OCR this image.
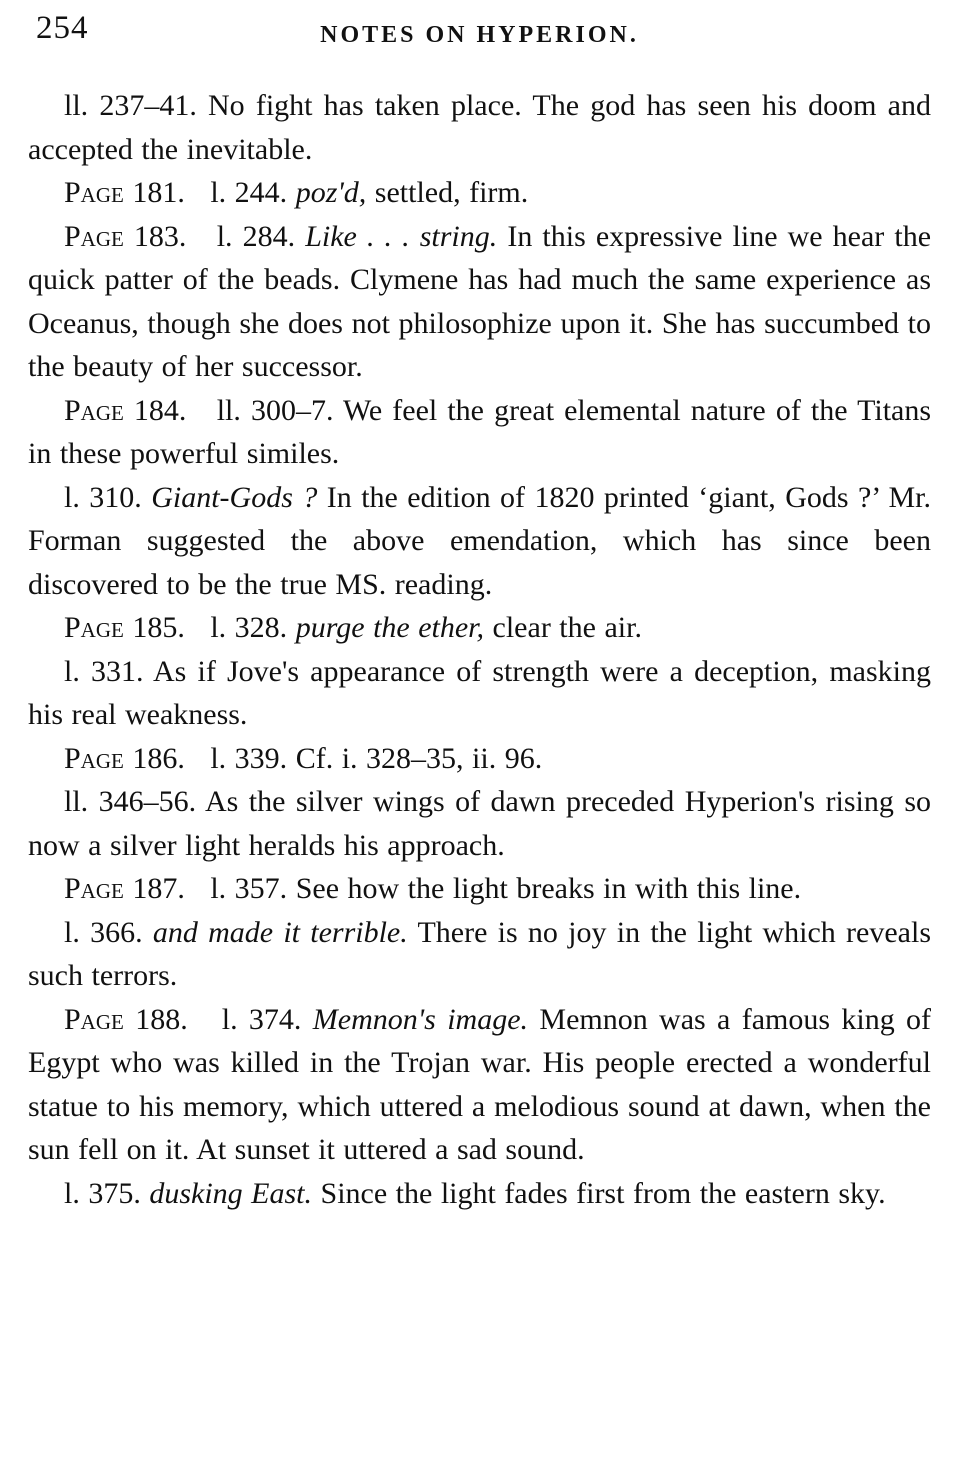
254	NOTES ON HYPERION.

ll. 237–41. No fight has taken place. The god has seen his doom and accepted the inevitable.

Page 181. l. 244. poz'd, settled, firm.

Page 183. l. 284. Like . . . string. In this expressive line we hear the quick patter of the beads. Clymene has had much the same experience as Oceanus, though she does not philosophize upon it. She has succumbed to the beauty of her successor.

Page 184. ll. 300–7. We feel the great elemental nature of the Titans in these powerful similes.

l. 310. Giant-Gods ? In the edition of 1820 printed ‘giant, Gods ?’ Mr. Forman suggested the above emendation, which has since been discovered to be the true MS. reading.

Page 185. l. 328. purge the ether, clear the air.

l. 331. As if Jove's appearance of strength were a deception, masking his real weakness.

Page 186. l. 339. Cf. i. 328–35, ii. 96.

ll. 346–56. As the silver wings of dawn preceded Hyperion's rising so now a silver light heralds his approach.

Page 187. l. 357. See how the light breaks in with this line.

l. 366. and made it terrible. There is no joy in the light which reveals such terrors.

Page 188. l. 374. Memnon's image. Memnon was a famous king of Egypt who was killed in the Trojan war. His people erected a wonderful statue to his memory, which uttered a melodious sound at dawn, when the sun fell on it. At sunset it uttered a sad sound.

l. 375. dusking East. Since the light fades first from the eastern sky.
